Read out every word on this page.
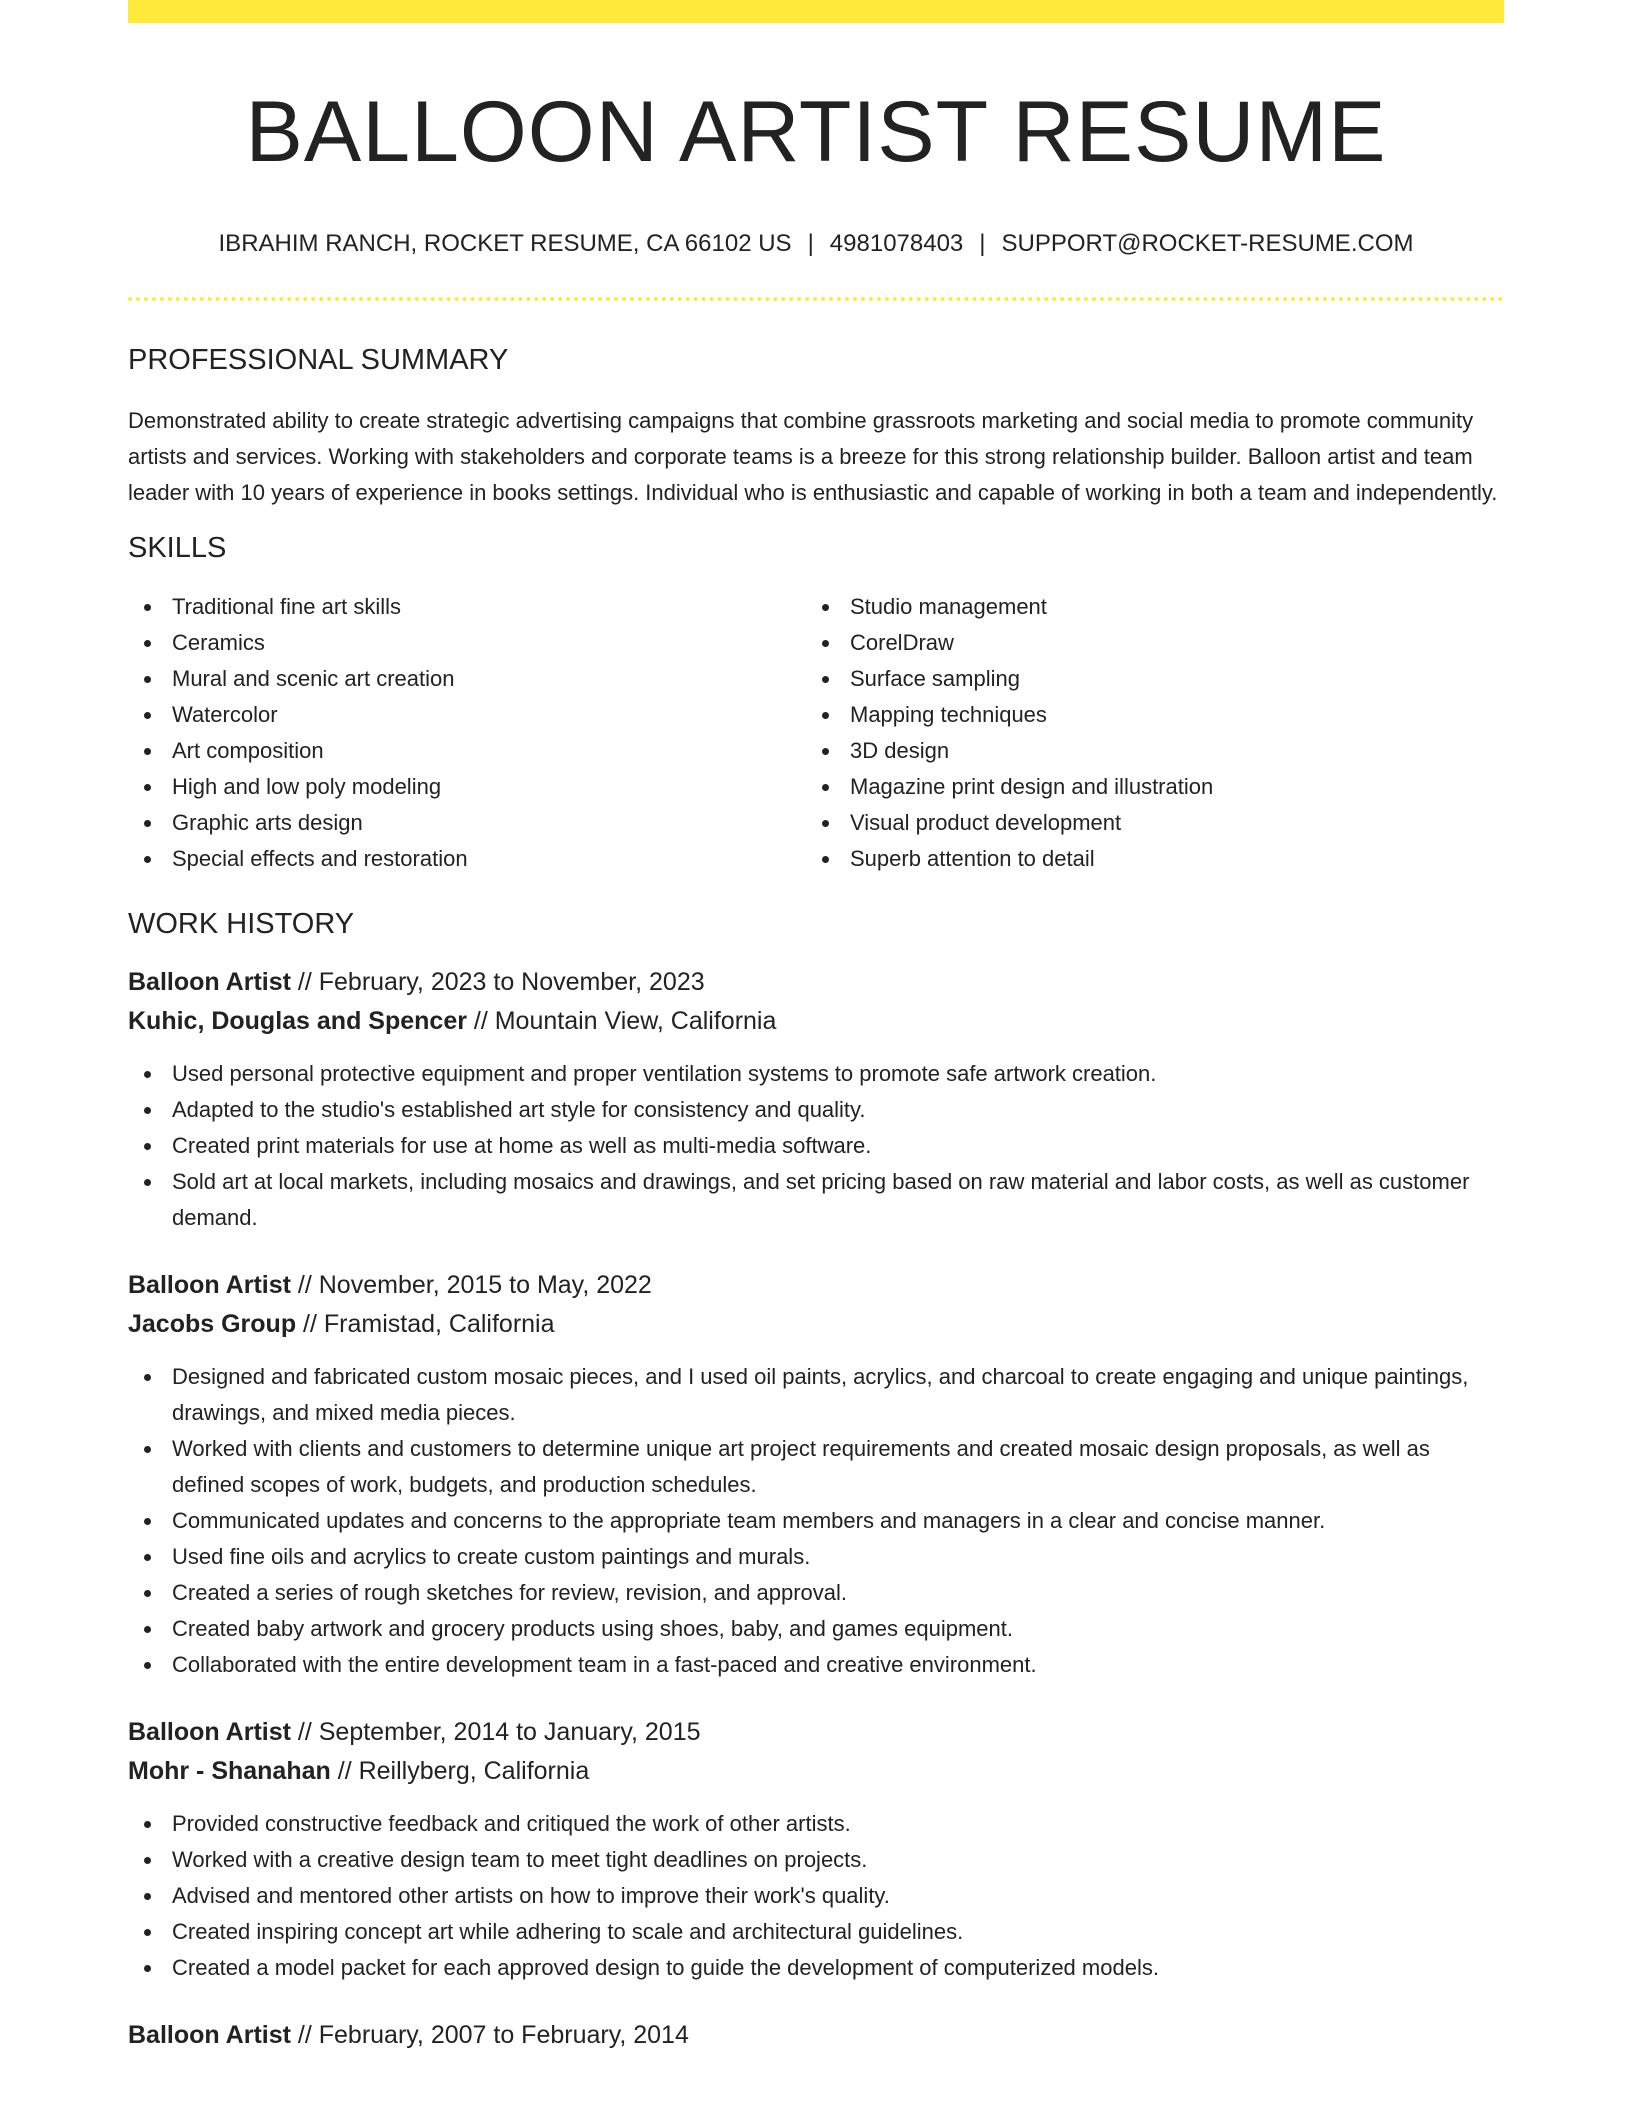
BALLOON ARTIST RESUME
IBRAHIM RANCH, ROCKET RESUME, CA 66102 US | 4981078403 | SUPPORT@ROCKET-RESUME.COM
PROFESSIONAL SUMMARY

Demonstrated ability to create strategic advertising campaigns that combine grassroots marketing and social media to promote community artists and services. Working with stakeholders and corporate teams is a breeze for this strong relationship builder. Balloon artist and team leader with 10 years of experience in books settings. Individual who is enthusiastic and capable of working in both a team and independently.

SKILLS
Traditional fine art skills
Ceramics
Mural and scenic art creation
Watercolor
Art composition
High and low poly modeling
Graphic arts design
Special effects and restoration
Studio management
CorelDraw
Surface sampling
Mapping techniques
3D design
Magazine print design and illustration
Visual product development
Superb attention to detail
WORK HISTORY
Balloon Artist // February, 2023 to November, 2023
Kuhic, Douglas and Spencer // Mountain View, California
Used personal protective equipment and proper ventilation systems to promote safe artwork creation.
Adapted to the studio's established art style for consistency and quality.
Created print materials for use at home as well as multi-media software.
Sold art at local markets, including mosaics and drawings, and set pricing based on raw material and labor costs, as well as customer demand.
Balloon Artist // November, 2015 to May, 2022
Jacobs Group // Framistad, California
Designed and fabricated custom mosaic pieces, and I used oil paints, acrylics, and charcoal to create engaging and unique paintings, drawings, and mixed media pieces.
Worked with clients and customers to determine unique art project requirements and created mosaic design proposals, as well as defined scopes of work, budgets, and production schedules.
Communicated updates and concerns to the appropriate team members and managers in a clear and concise manner.
Used fine oils and acrylics to create custom paintings and murals.
Created a series of rough sketches for review, revision, and approval.
Created baby artwork and grocery products using shoes, baby, and games equipment.
Collaborated with the entire development team in a fast-paced and creative environment.
Balloon Artist // September, 2014 to January, 2015
Mohr - Shanahan // Reillyberg, California
Provided constructive feedback and critiqued the work of other artists.
Worked with a creative design team to meet tight deadlines on projects.
Advised and mentored other artists on how to improve their work's quality.
Created inspiring concept art while adhering to scale and architectural guidelines.
Created a model packet for each approved design to guide the development of computerized models.
Balloon Artist // February, 2007 to February, 2014
